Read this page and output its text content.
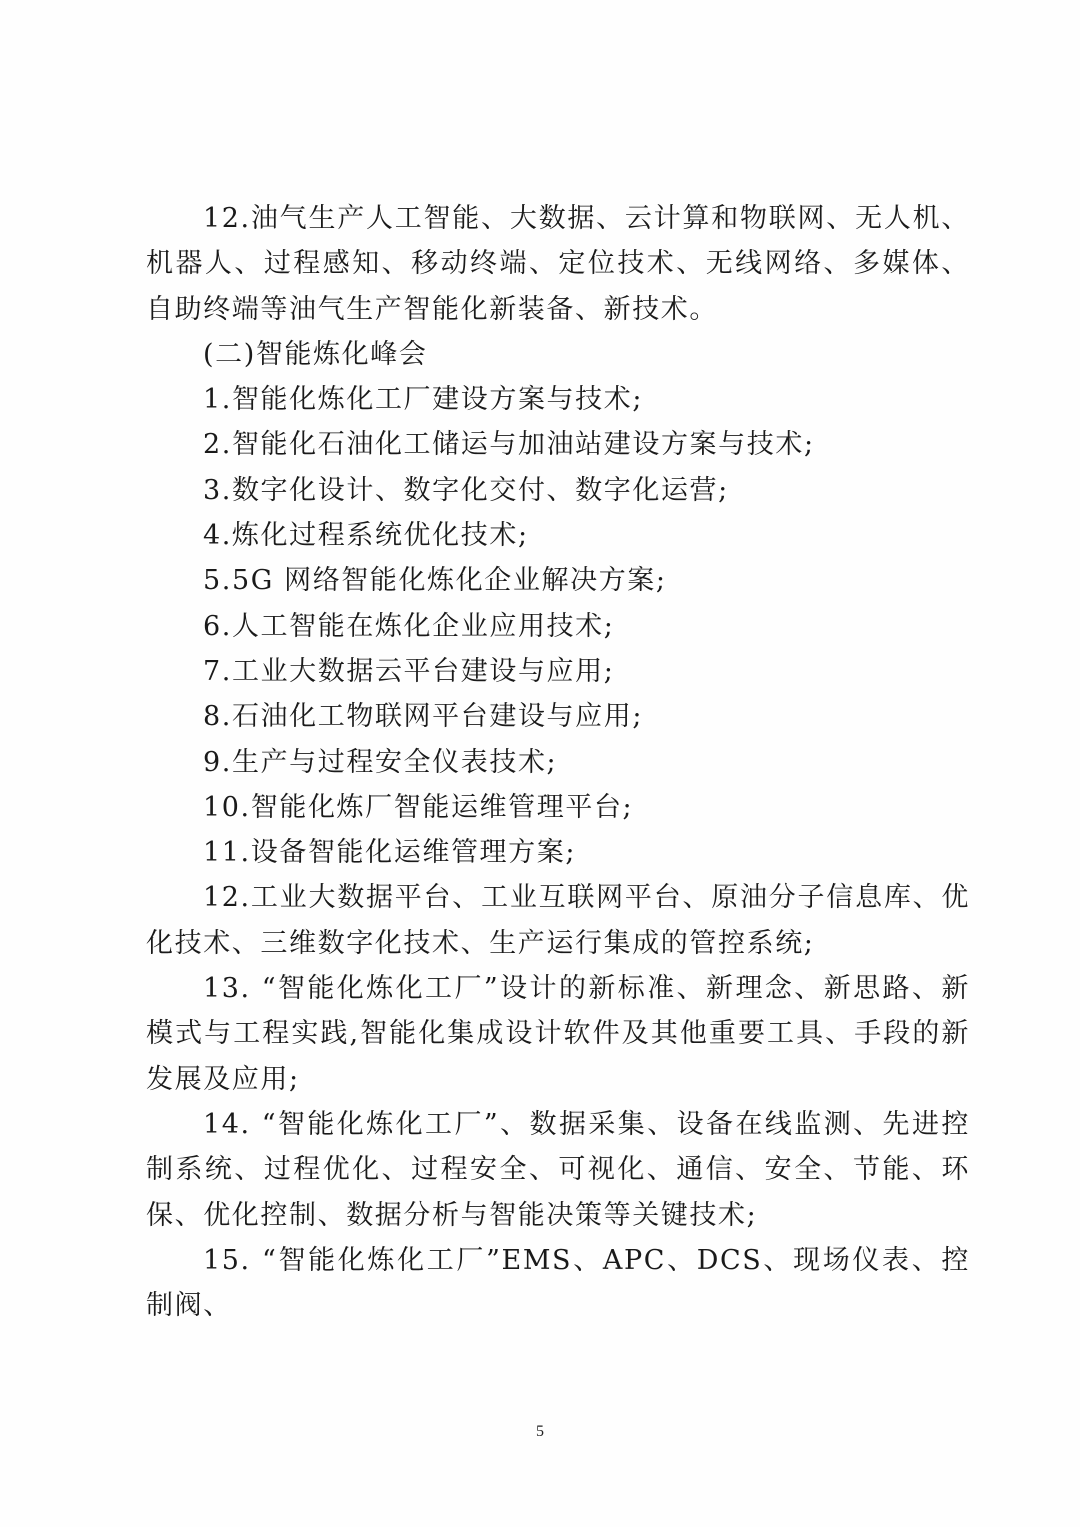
12.油气生产人工智能、大数据、云计算和物联网、无人机、机器人、过程感知、移动终端、定位技术、无线网络、多媒体、自助终端等油气生产智能化新装备、新技术。

(二)智能炼化峰会

1.智能化炼化工厂建设方案与技术;

2.智能化石油化工储运与加油站建设方案与技术;

3.数字化设计、数字化交付、数字化运营;

4.炼化过程系统优化技术;

5.5G 网络智能化炼化企业解决方案;

6.人工智能在炼化企业应用技术;

7.工业大数据云平台建设与应用;

8.石油化工物联网平台建设与应用;

9.生产与过程安全仪表技术;

10.智能化炼厂智能运维管理平台;

11.设备智能化运维管理方案;

12.工业大数据平台、工业互联网平台、原油分子信息库、优化技术、三维数字化技术、生产运行集成的管控系统;

13. “智能化炼化工厂”设计的新标准、新理念、新思路、新模式与工程实践,智能化集成设计软件及其他重要工具、手段的新发展及应用;

14. “智能化炼化工厂”、数据采集、设备在线监测、先进控制系统、过程优化、过程安全、可视化、通信、安全、节能、环保、优化控制、数据分析与智能决策等关键技术;

15. “智能化炼化工厂”EMS、APC、DCS、现场仪表、控制阀、

5
